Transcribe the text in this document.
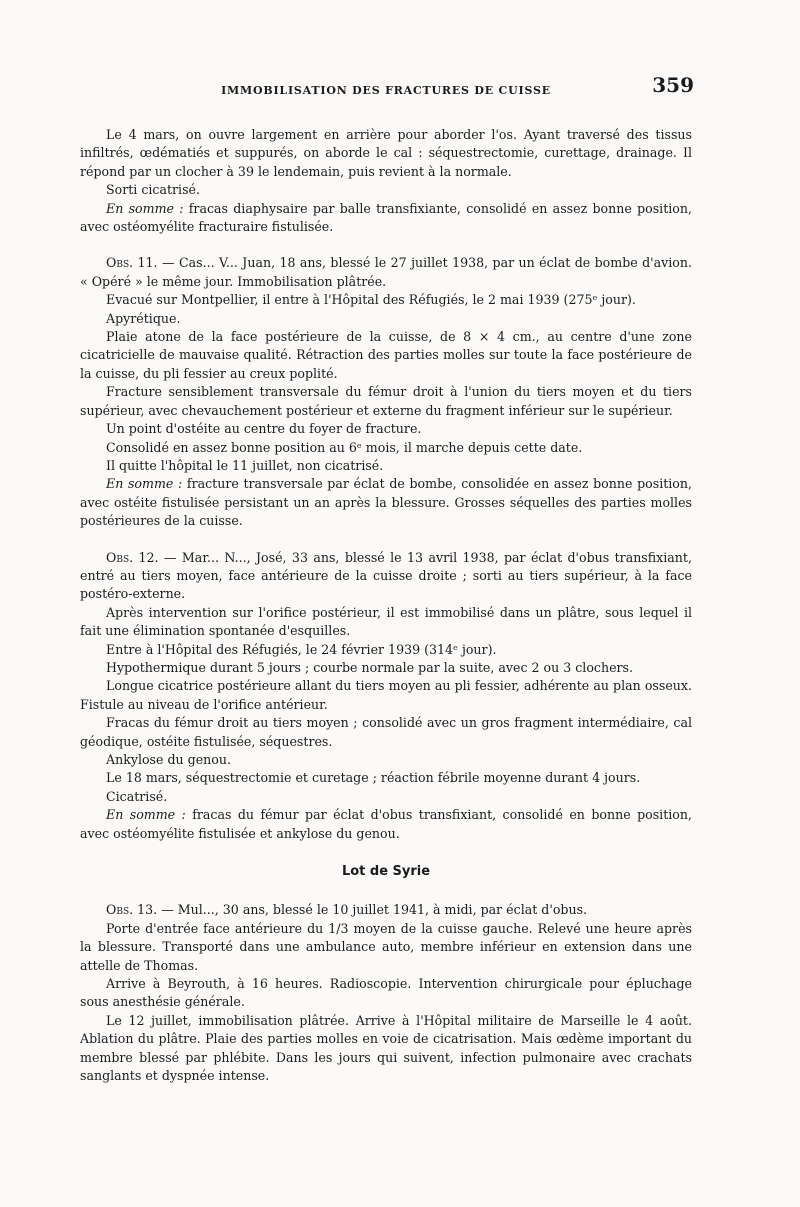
IMMOBILISATION DES FRACTURES DE CUISSE	359

Le 4 mars, on ouvre largement en arrière pour aborder l'os. Ayant traversé des tissus infiltrés, œdématiés et suppurés, on aborde le cal : séquestrectomie, curettage, drainage. Il répond par un clocher à 39 le lendemain, puis revient à la normale.

Sorti cicatrisé.

En somme : fracas diaphysaire par balle transfixiante, consolidé en assez bonne position, avec ostéomyélite fracturaire fistulisée.

Obs. 11. — Cas... V... Juan, 18 ans, blessé le 27 juillet 1938, par un éclat de bombe d'avion. « Opéré » le même jour. Immobilisation plâtrée.

Evacué sur Montpellier, il entre à l'Hôpital des Réfugiés, le 2 mai 1939 (275ᵉ jour).

Apyrétique.

Plaie atone de la face postérieure de la cuisse, de 8 × 4 cm., au centre d'une zone cicatricielle de mauvaise qualité. Rétraction des parties molles sur toute la face postérieure de la cuisse, du pli fessier au creux poplité.

Fracture sensiblement transversale du fémur droit à l'union du tiers moyen et du tiers supérieur, avec chevauchement postérieur et externe du fragment inférieur sur le supérieur.

Un point d'ostéite au centre du foyer de fracture.

Consolidé en assez bonne position au 6ᵉ mois, il marche depuis cette date.

Il quitte l'hôpital le 11 juillet, non cicatrisé.

En somme : fracture transversale par éclat de bombe, consolidée en assez bonne position, avec ostéite fistulisée persistant un an après la blessure. Grosses séquelles des parties molles postérieures de la cuisse.

Obs. 12. — Mar... N..., José, 33 ans, blessé le 13 avril 1938, par éclat d'obus transfixiant, entré au tiers moyen, face antérieure de la cuisse droite ; sorti au tiers supérieur, à la face postéro-externe.

Après intervention sur l'orifice postérieur, il est immobilisé dans un plâtre, sous lequel il fait une élimination spontanée d'esquilles.

Entre à l'Hôpital des Réfugiés, le 24 février 1939 (314ᵉ jour).

Hypothermique durant 5 jours ; courbe normale par la suite, avec 2 ou 3 clochers.

Longue cicatrice postérieure allant du tiers moyen au pli fessier, adhérente au plan osseux. Fistule au niveau de l'orifice antérieur.

Fracas du fémur droit au tiers moyen ; consolidé avec un gros fragment intermédiaire, cal géodique, ostéite fistulisée, séquestres.

Ankylose du genou.

Le 18 mars, séquestrectomie et curetage ; réaction fébrile moyenne durant 4 jours.

Cicatrisé.

En somme : fracas du fémur par éclat d'obus transfixiant, consolidé en bonne position, avec ostéomyélite fistulisée et ankylose du genou.

Lot de Syrie

Obs. 13. — Mul..., 30 ans, blessé le 10 juillet 1941, à midi, par éclat d'obus.

Porte d'entrée face antérieure du 1/3 moyen de la cuisse gauche. Relevé une heure après la blessure. Transporté dans une ambulance auto, membre inférieur en extension dans une attelle de Thomas.

Arrive à Beyrouth, à 16 heures. Radioscopie. Intervention chirurgicale pour épluchage sous anesthésie générale.

Le 12 juillet, immobilisation plâtrée. Arrive à l'Hôpital militaire de Marseille le 4 août. Ablation du plâtre. Plaie des parties molles en voie de cicatrisation. Mais œdème important du membre blessé par phlébite. Dans les jours qui suivent, infection pulmonaire avec crachats sanglants et dyspnée intense.
